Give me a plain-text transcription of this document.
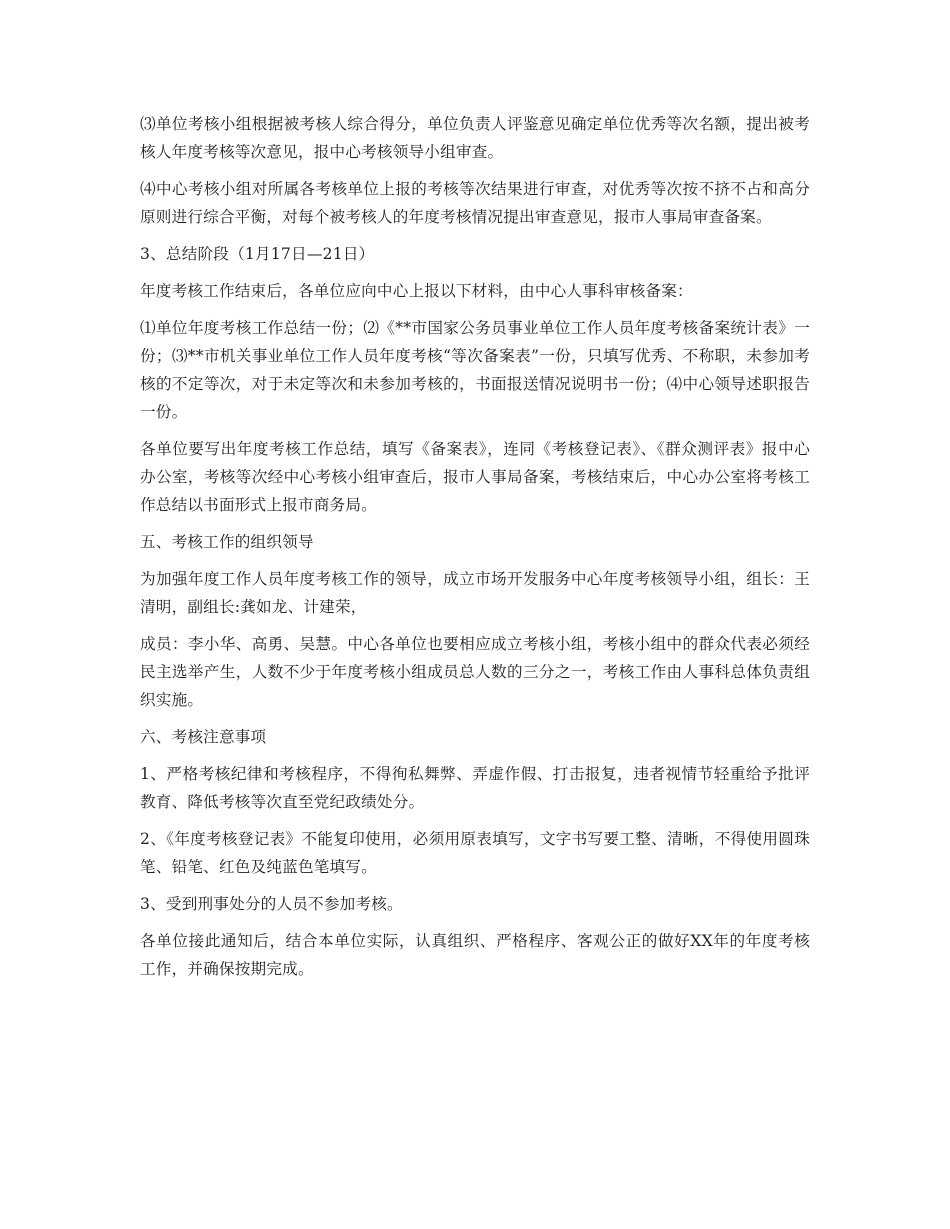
⑶单位考核小组根据被考核人综合得分，单位负责人评鉴意见确定单位优秀等次名额，提出被考核人年度考核等次意见，报中心考核领导小组审查。

⑷中心考核小组对所属各考核单位上报的考核等次结果进行审查，对优秀等次按不挤不占和高分原则进行综合平衡，对每个被考核人的年度考核情况提出审查意见，报市人事局审查备案。

3、总结阶段（1月17日—21日）

年度考核工作结束后，各单位应向中心上报以下材料，由中心人事科审核备案：

⑴单位年度考核工作总结一份；⑵《**市国家公务员事业单位工作人员年度考核备案统计表》一份；⑶**市机关事业单位工作人员年度考核“等次备案表”一份，只填写优秀、不称职，未参加考核的不定等次，对于未定等次和未参加考核的，书面报送情况说明书一份；⑷中心领导述职报告一份。

各单位要写出年度考核工作总结，填写《备案表》，连同《考核登记表》、《群众测评表》报中心办公室，考核等次经中心考核小组审查后，报市人事局备案，考核结束后，中心办公室将考核工作总结以书面形式上报市商务局。

五、考核工作的组织领导

为加强年度工作人员年度考核工作的领导，成立市场开发服务中心年度考核领导小组，组长：王清明，副组长:龚如龙、计建荣，

成员：李小华、高勇、吴慧。中心各单位也要相应成立考核小组，考核小组中的群众代表必须经民主选举产生，人数不少于年度考核小组成员总人数的三分之一，考核工作由人事科总体负责组织实施。

六、考核注意事项

1、严格考核纪律和考核程序，不得徇私舞弊、弄虚作假、打击报复，违者视情节轻重给予批评教育、降低考核等次直至党纪政绩处分。

2、《年度考核登记表》不能复印使用，必须用原表填写，文字书写要工整、清晰，不得使用圆珠笔、铅笔、红色及纯蓝色笔填写。

3、受到刑事处分的人员不参加考核。

各单位接此通知后，结合本单位实际，认真组织、严格程序、客观公正的做好XX年的年度考核工作，并确保按期完成。
